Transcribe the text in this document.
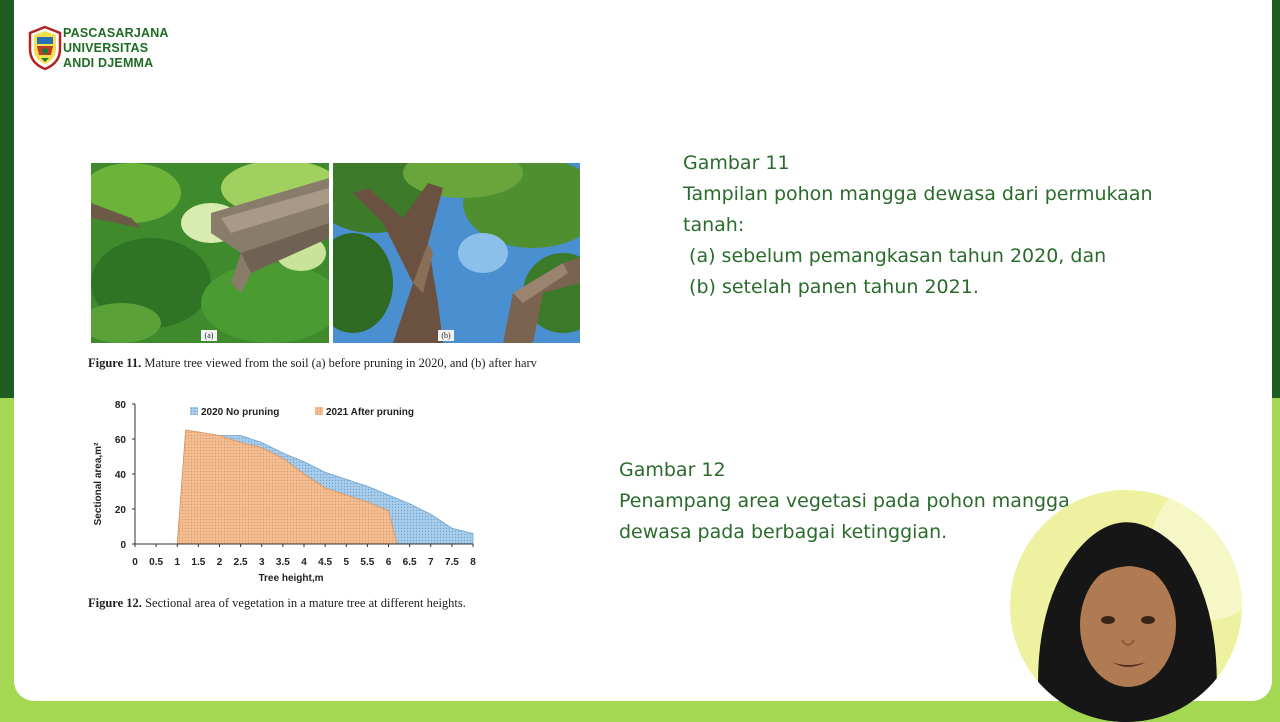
PASCASARJANA
UNIVERSITAS
ANDI DJEMMA
(a)	(b)
Figure 11. Mature tree viewed from the soil (a) before pruning in 2020, and (b) after harv
0
20
40
60
80
0 0.5 1 1.5 2 2.5 3 3.5 4 4.5 5 5.5 6 6.5 7 7.5 8
Sectional area,m²
Tree height,m
2020 No pruning	2021 After pruning
Figure 12. Sectional area of vegetation in a mature tree at different heights.
Gambar 11
Tampilan pohon mangga dewasa dari permukaan
tanah:
(a) sebelum pemangkasan tahun 2020, dan
(b) setelah panen tahun 2021.
Gambar 12
Penampang area vegetasi pada pohon mangga
dewasa pada berbagai ketinggian.
